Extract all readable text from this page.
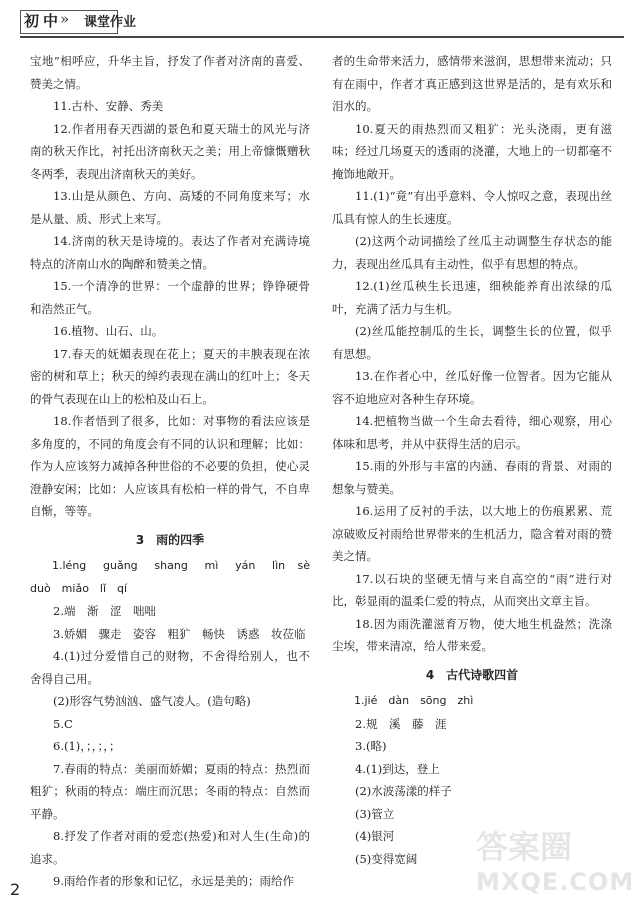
初中
» 课堂作业

宝地”相呼应，升华主旨，抒发了作者对济南的喜爱、赞美之情。

11.古朴、安静、秀美

12.作者用春天西湖的景色和夏天瑞士的风光与济南的秋天作比，衬托出济南秋天之美；用上帝慷慨赠秋冬两季，表现出济南秋天的美好。

13.山是从颜色、方向、高矮的不同角度来写；水是从量、质、形式上来写。

14.济南的秋天是诗境的。表达了作者对充满诗境特点的济南山水的陶醉和赞美之情。

15.一个清净的世界：一个虚静的世界；铮铮硬骨和浩然正气。

16.植物、山石、山。

17.春天的妩媚表现在花上；夏天的丰腴表现在浓密的树和草上；秋天的绰约表现在满山的红叶上；冬天的骨气表现在山上的松柏及山石上。

18.作者悟到了很多，比如：对事物的看法应该是多角度的，不同的角度会有不同的认识和理解；比如：作为人应该努力减掉各种世俗的不必要的负担，使心灵澄静安闲；比如：人应该具有松柏一样的骨气，不自卑自惭，等等。

3　雨的四季

1.léng　guǎng　shang　mì　yán　lìn sè　duò　miǎo　lǐ　qí

2.端　渐　涩　咄咄

3.娇媚　骤走　姿容　粗犷　畅快　诱惑　妆莅临

4.(1)过分爱惜自己的财物，不舍得给别人，也不舍得自己用。

(2)形容气势汹汹、盛气凌人。(造句略)

5.C

6.(1)，；，；，；

7.春雨的特点：美丽而娇媚；夏雨的特点：热烈而粗犷；秋雨的特点：端庄而沉思；冬雨的特点：自然而平静。

8.抒发了作者对雨的爱恋(热爱)和对人生(生命)的追求。

9.雨给作者的形象和记忆，永远是美的；雨给作

者的生命带来活力，感情带来滋润，思想带来流动；只有在雨中，作者才真正感到这世界是活的，是有欢乐和泪水的。

10.夏天的雨热烈而又粗犷：光头浇雨，更有滋味；经过几场夏天的透雨的浇灌，大地上的一切都毫不掩饰地敞开。

11.(1)“竟”有出乎意料、令人惊叹之意，表现出丝瓜具有惊人的生长速度。

(2)这两个动词描绘了丝瓜主动调整生存状态的能力，表现出丝瓜具有主动性，似乎有思想的特点。

12.(1)丝瓜秧生长迅速，细秧能养育出浓绿的瓜叶，充满了活力与生机。

(2)丝瓜能控制瓜的生长，调整生长的位置，似乎有思想。

13.在作者心中，丝瓜好像一位智者。因为它能从容不迫地应对各种生存环境。

14.把植物当做一个生命去看待，细心观察，用心体味和思考，并从中获得生活的启示。

15.雨的外形与丰富的内涵、春雨的背景、对雨的想象与赞美。

16.运用了反衬的手法，以大地上的伤痕累累、荒凉破败反衬雨给世界带来的生机活力，隐含着对雨的赞美之情。

17.以石块的坚硬无情与来自高空的“雨”进行对比，彰显雨的温柔仁爱的特点，从而突出文章主旨。

18.因为雨洗灌滋育万物，使大地生机盎然；洗涤尘埃，带来清凉，给人带来爱。

4　古代诗歌四首

1.jié　dàn　sōng　zhì

2.规　溪　藤　涯

3.(略)

4.(1)到达，登上

(2)水波荡漾的样子

(3)管立

(4)银河

(5)变得宽阔

2
答案圈
MXQE.COM
